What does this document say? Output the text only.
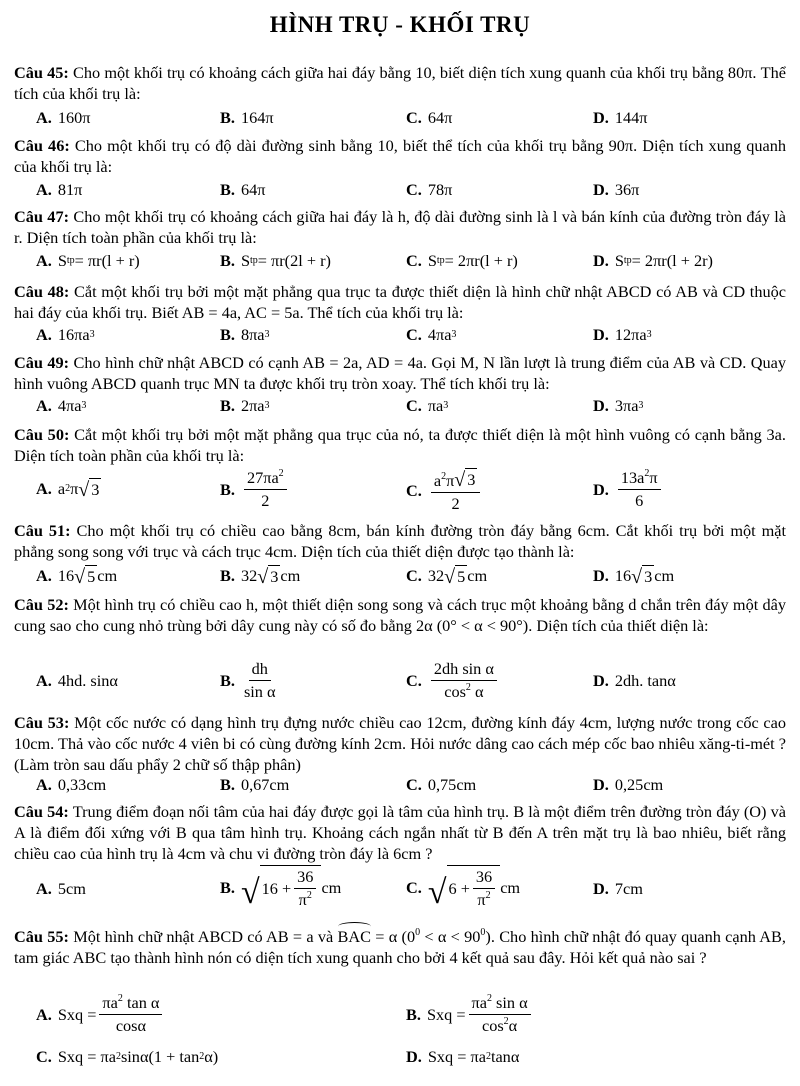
HÌNH TRỤ - KHỐI TRỤ
Câu 45: Cho một khối trụ có khoảng cách giữa hai đáy bằng 10, biết diện tích xung quanh của khối trụ bằng 80π. Thể tích của khối trụ là:
A. 160π	B. 164π	C. 64π	D. 144π
Câu 46: Cho một khối trụ có độ dài đường sinh bằng 10, biết thể tích của khối trụ bằng 90π. Diện tích xung quanh của khối trụ là:
A. 81π	B. 64π	C. 78π	D. 36π
Câu 47: Cho một khối trụ có khoảng cách giữa hai đáy là h, độ dài đường sinh là l và bán kính của đường tròn đáy là r. Diện tích toàn phần của khối trụ là:
A. S tp = πr(l + r)	B. S tp = πr(2l + r)	C. S tp = 2πr(l + r)	D. S tp = 2πr(l + 2r)
Câu 48: Cắt một khối trụ bởi một mặt phẳng qua trục ta được thiết diện là hình chữ nhật ABCD có AB và CD thuộc hai đáy của khối trụ. Biết AB = 4a, AC = 5a. Thể tích của khối trụ là:
A. 16πa 3	B. 8πa 3	C. 4πa 3	D. 12πa 3
Câu 49: Cho hình chữ nhật ABCD có cạnh AB = 2a, AD = 4a. Gọi M, N lần lượt là trung điểm của AB và CD. Quay hình vuông ABCD quanh trục MN ta được khối trụ tròn xoay. Thể tích khối trụ là:
A. 4πa 3	B. 2πa 3	C. πa 3	D. 3πa 3
Câu 50: Cắt một khối trụ bởi một mặt phẳng qua trục của nó, ta được thiết diện là một hình vuông có cạnh bằng 3a. Diện tích toàn phần của khối trụ là:
A. a 2 π √ 3	B. $\frac{27\pi a^2}{2}$	C. $\frac{a^2\pi √ 3}{2}$	D. $\frac{13a^2\pi}{6}$
Câu 51: Cho một khối trụ có chiều cao bằng 8cm, bán kính đường tròn đáy bằng 6cm. Cắt khối trụ bởi một mặt phẳng song song với trục và cách trục 4cm. Diện tích của thiết diện được tạo thành là:
A. 16 √ 5 cm	B. 32 √ 3 cm	C. 32 √ 5 cm	D. 16 √ 3 cm
Câu 52: Một hình trụ có chiều cao h, một thiết diện song song và cách trục một khoảng bằng d chắn trên đáy một dây cung sao cho cung nhỏ trùng bởi dây cung này có số đo bằng 2α (0° < α < 90°). Diện tích của thiết diện là:
A. 4hd. sinα	B. $\frac{dh}{\text{sin α}}$	C. $\frac{\text{2dh sin α}}{\cos^2 \alpha}$	D. 2dh. tanα
Câu 53: Một cốc nước có dạng hình trụ đựng nước chiều cao 12cm, đường kính đáy 4cm, lượng nước trong cốc cao 10cm. Thả vào cốc nước 4 viên bi có cùng đường kính 2cm. Hỏi nước dâng cao cách mép cốc bao nhiêu xăng-ti-mét ? (Làm tròn sau dấu phẩy 2 chữ số thập phân)
A. 0,33cm	B. 0,67cm	C. 0,75cm	D. 0,25cm
Câu 54: Trung điểm đoạn nối tâm của hai đáy được gọi là tâm của hình trụ. B là một điểm trên đường tròn đáy (O) và A là điểm đối xứng với B qua tâm hình trụ. Khoảng cách ngắn nhất từ B đến A trên mặt trụ là bao nhiêu, biết rằng chiều cao của hình trụ là 4cm và chu vi đường tròn đáy là 6cm ?
A. 5cm	B. √ $16 + \frac{36}{\pi^2}$ cm	C. √ $6 + \frac{36}{\pi^2}$ cm	D. 7cm
Câu 55: Một hình chữ nhật ABCD có AB = a và BAC = α $(0^0 < \alpha < 90^0)$. Cho hình chữ nhật đó quay quanh cạnh AB, tam giác ABC tạo thành hình nón có diện tích xung quanh cho bởi 4 kết quả sau đây. Hỏi kết quả nào sai ?
A. Sxq = $\frac{\pi a^2 \tan \alpha}{\cos\alpha}$	B. Sxq = $\frac{\pi a^2 \sin \alpha}{\cos^2\alpha}$
C. Sxq = πa 2 sinα(1 + tan 2 α)	D. Sxq = πa 2 tanα
